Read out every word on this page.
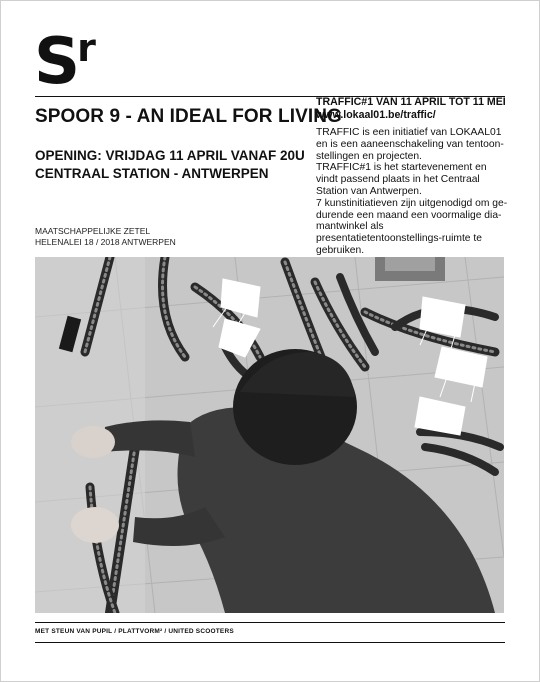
Sr
SPOOR 9 - AN IDEAL FOR LIVING
OPENING: VRIJDAG 11 APRIL VANAF 20U
CENTRAAL STATION - ANTWERPEN
MAATSCHAPPELIJKE ZETEL
HELENALEI 18 / 2018 ANTWERPEN
TRAFFIC#1 VAN 11 APRIL TOT 11 MEI
www.lokaal01.be/traffic/

TRAFFIC is een initiatief van LOKAAL01 en is een aaneenschakeling van tentoon-stellingen en projecten.

TRAFFIC#1 is het startevenement en vindt passend plaats in het Centraal Station van Antwerpen.

7 kunstinitiatieven zijn uitgenodigd om ge-durende een maand een voormalige dia-mantwinkel als presentatietentoonstellings-ruimte te gebruiken.

MET STEUN VAN PUPIL / PLATTVORM² / UNITED SCOOTERS
